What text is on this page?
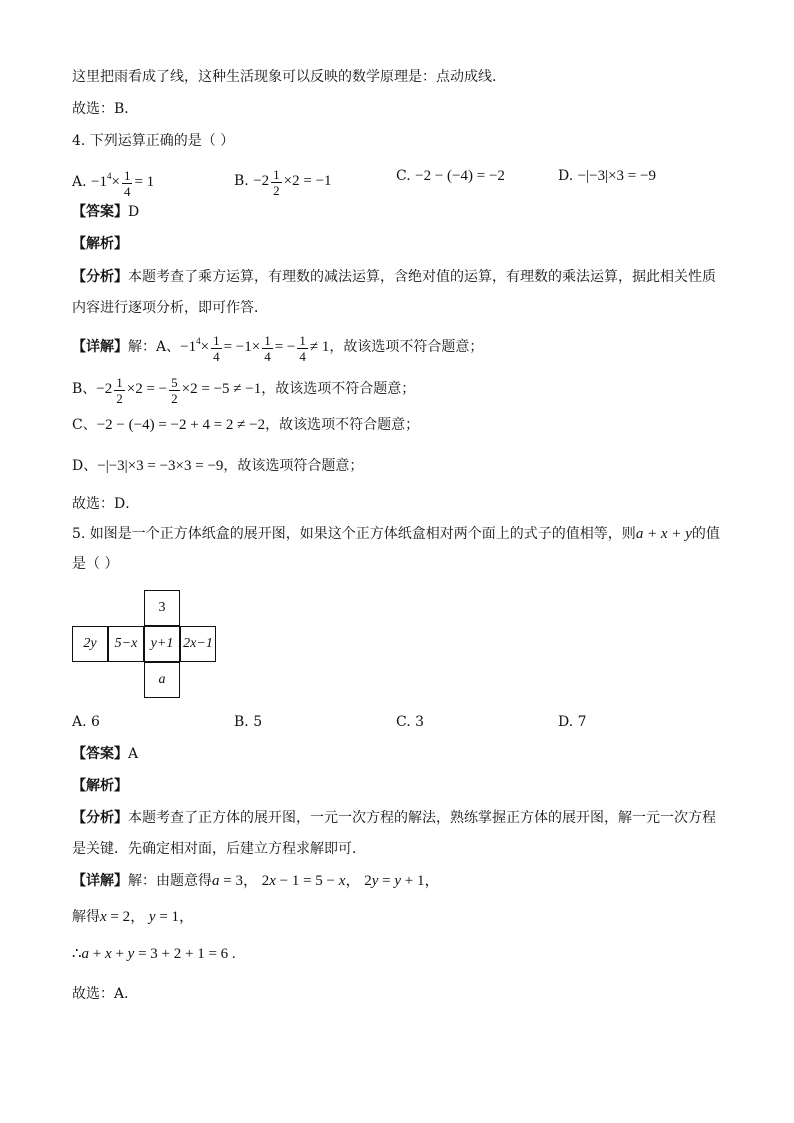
这里把雨看成了线，这种生活现象可以反映的数学原理是：点动成线.
故选：B．
4. 下列运算正确的是（ ）
A. $-1^4\times \frac{1}{4} = 1$	B. $-2 \frac{1}{2} \times 2 = -1$	C. −2 − (−4) = −2	D. −|−3|×3 = −9
【答案】D
【解析】
【分析】本题考查了乘方运算，有理数的减法运算，含绝对值的运算，有理数的乘法运算，据此相关性质
内容进行逐项分析，即可作答．
【详解】解：A、$-1^4\times \frac{1}{4} = -1\times \frac{1}{4}$ = − $\frac{1}{4} \ne 1$，故该选项不符合题意；
B、$-2 \frac{1}{2} \times 2$ = − $\frac{5}{2} \times 2 = -5 \ne -1$，故该选项不符合题意；
C、−2 − (−4) = −2 + 4 = 2 ≠ −2，故该选项不符合题意；
D、−|−3|×3 = −3×3 = −9，故该选项符合题意；
故选：D．
5. 如图是一个正方体纸盒的展开图，如果这个正方体纸盒相对两个面上的式子的值相等，则a + x + y的值
是（ ）
3
2y	5−x y+1 2x−1
a
A. 6	B. 5	C. 3	D. 7
【答案】A
【解析】
【分析】本题考查了正方体的展开图，一元一次方程的解法，熟练掌握正方体的展开图，解一元一次方程
是关键．先确定相对面，后建立方程求解即可．
【详解】解：由题意得a = 3， 2x − 1 = 5 − x， 2y = y + 1，
解得x = 2， y = 1，
∴a + x + y = 3 + 2 + 1 = 6 .
故选：A．
